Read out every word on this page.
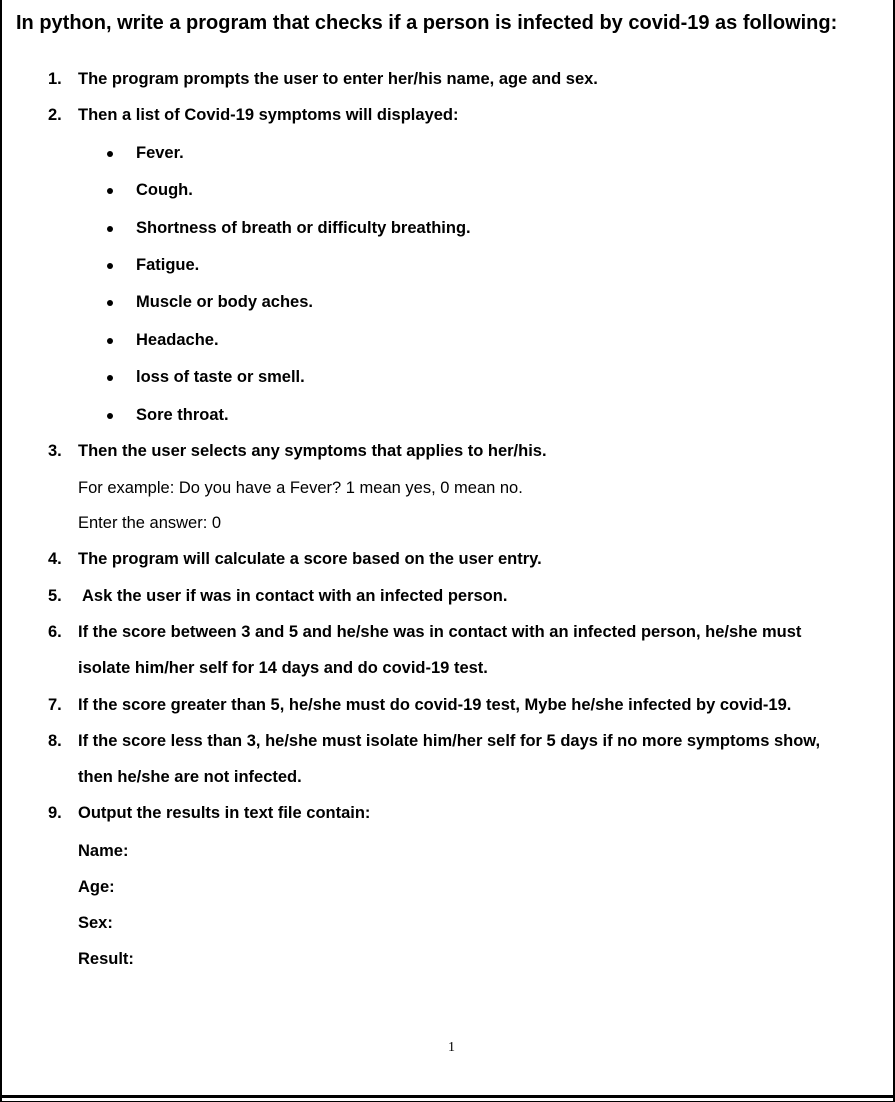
In python, write a program that checks if a person is infected by covid-19 as following:
1. The program prompts the user to enter her/his name, age and sex.
2. Then a list of Covid-19 symptoms will displayed:
Fever.
Cough.
Shortness of breath or difficulty breathing.
Fatigue.
Muscle or body aches.
Headache.
loss of taste or smell.
Sore throat.
3. Then the user selects any symptoms that applies to her/his.
For example: Do you have a Fever? 1 mean yes, 0 mean no.
Enter the answer: 0
4. The program will calculate a score based on the user entry.
5. Ask the user if was in contact with an infected person.
6. If the score between 3 and 5 and he/she was in contact with an infected person, he/she must
isolate him/her self for 14 days and do covid-19 test.
7. If the score greater than 5, he/she must do covid-19 test, Mybe he/she infected by covid-19.
8. If the score less than 3, he/she must isolate him/her self for 5 days if no more symptoms show,
then he/she are not infected.
9. Output the results in text file contain:
Name:
Age:
Sex:
Result:
1
